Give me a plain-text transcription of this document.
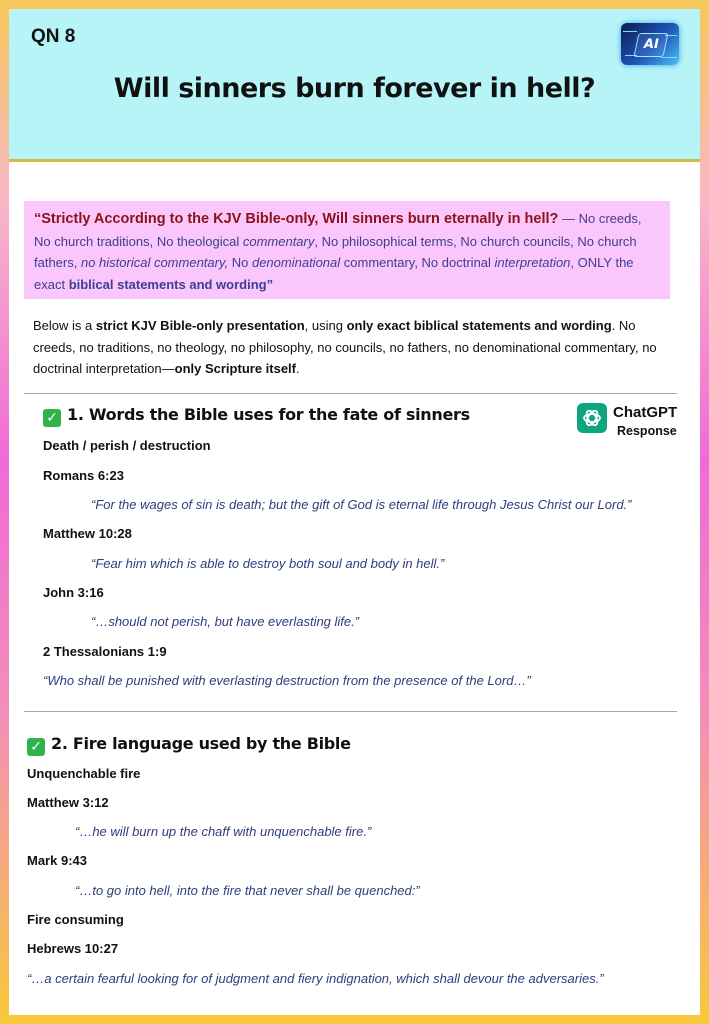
QN 8	AI
Will sinners burn forever in hell?
“Strictly According to the KJV Bible-only, Will sinners burn eternally in hell? — No creeds, No church traditions, No theological commentary, No philosophical terms, No church councils, No church fathers, no historical commentary, No denominational commentary, No doctrinal interpretation, ONLY the exact biblical statements and wording”
Below is a strict KJV Bible-only presentation, using only exact biblical statements and wording. No creeds, no traditions, no theology, no philosophy, no councils, no fathers, no denominational commentary, no doctrinal interpretation—only Scripture itself.
✓ 1. Words the Bible uses for the fate of sinners	ChatGPT
Response
Death / perish / destruction
Romans 6:23
“For the wages of sin is death; but the gift of God is eternal life through Jesus Christ our Lord.”
Matthew 10:28
“Fear him which is able to destroy both soul and body in hell.”
John 3:16
“…should not perish, but have everlasting life.”
2 Thessalonians 1:9
“Who shall be punished with everlasting destruction from the presence of the Lord…”
✓ 2. Fire language used by the Bible
Unquenchable fire
Matthew 3:12
“…he will burn up the chaff with unquenchable fire.”
Mark 9:43
“…to go into hell, into the fire that never shall be quenched:”
Fire consuming
Hebrews 10:27
“…a certain fearful looking for of judgment and fiery indignation, which shall devour the adversaries.”
